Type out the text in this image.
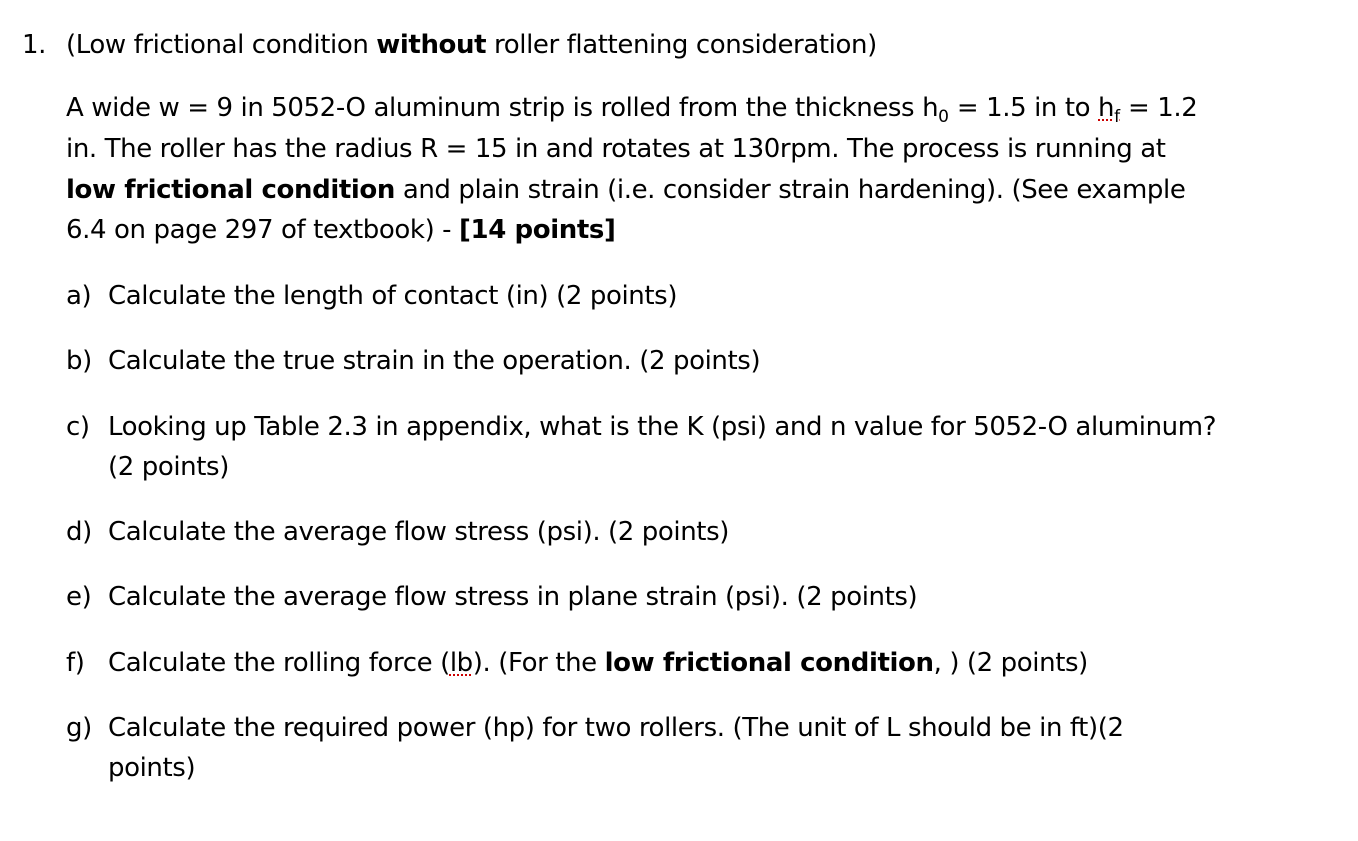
1. (Low frictional condition without roller flattening consideration)
A wide w = 9 in 5052-O aluminum strip is rolled from the thickness $h_0 = 1.5$ in to $h_f = 1.2$
in. The roller has the radius R = 15 in and rotates at 130rpm. The process is running at
low frictional condition and plain strain (i.e. consider strain hardening). (See example
6.4 on page 297 of textbook) - [14 points]
a) Calculate the length of contact (in) (2 points)
b) Calculate the true strain in the operation. (2 points)
c) Looking up Table 2.3 in appendix, what is the K (psi) and n value for 5052-O aluminum?
(2 points)
d) Calculate the average flow stress (psi). (2 points)
e) Calculate the average flow stress in plane strain (psi). (2 points)
f) Calculate the rolling force (lb). (For the low frictional condition, ) (2 points)
g) Calculate the required power (hp) for two rollers. (The unit of L should be in ft)(2
points)
